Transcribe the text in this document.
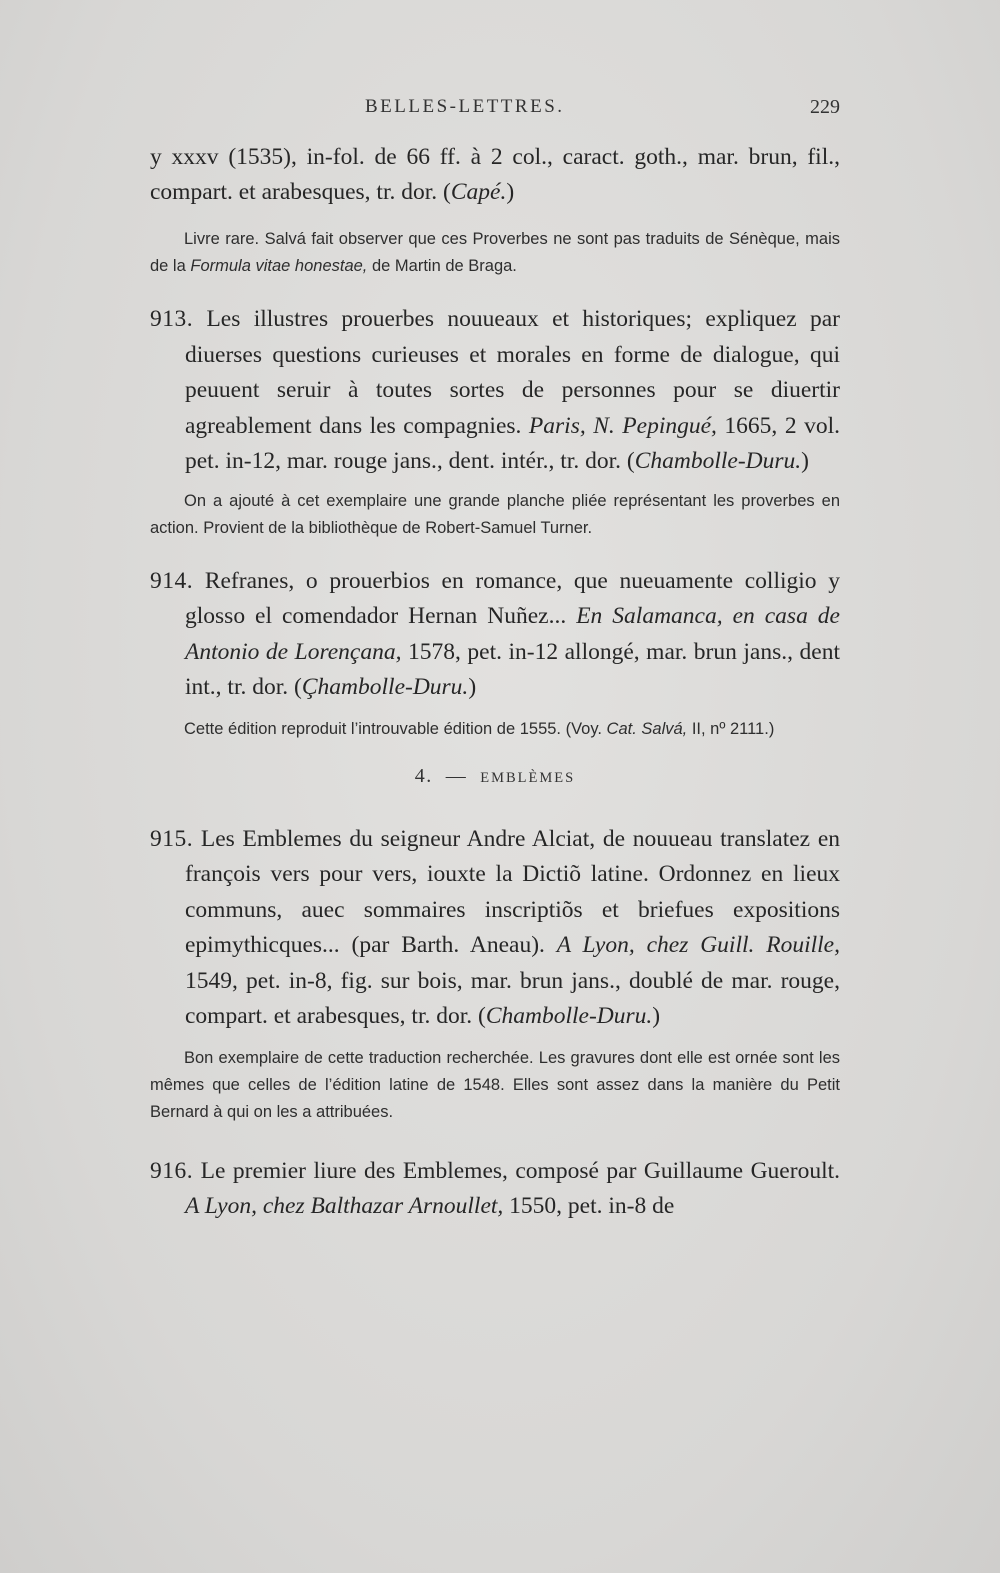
BELLES-LETTRES.	229

y xxxv (1535), in-fol. de 66 ff. à 2 col., caract. goth., mar. brun, fil., compart. et arabesques, tr. dor. (Capé.)

Livre rare. Salvá fait observer que ces Proverbes ne sont pas traduits de Sénèque, mais de la Formula vitae honestae, de Martin de Braga.

913. Les illustres prouerbes nouueaux et historiques; expliquez par diuerses questions curieuses et morales en forme de dialogue, qui peuuent seruir à toutes sortes de personnes pour se diuertir agreablement dans les compagnies. Paris, N. Pepingué, 1665, 2 vol. pet. in-12, mar. rouge jans., dent. intér., tr. dor. (Chambolle-Duru.)

On a ajouté à cet exemplaire une grande planche pliée représentant les proverbes en action. Provient de la bibliothèque de Robert-Samuel Turner.

914. Refranes, o prouerbios en romance, que nueuamente colligio y glosso el comendador Hernan Nuñez... En Salamanca, en casa de Antonio de Lorençana, 1578, pet. in-12 allongé, mar. brun jans., dent int., tr. dor. (Çhambolle-Duru.)

Cette édition reproduit l’introuvable édition de 1555. (Voy. Cat. Salvá, II, nº 2111.)

4. — EMBLÈMES

915. Les Emblemes du seigneur Andre Alciat, de nouueau translatez en françois vers pour vers, iouxte la Dictiõ latine. Ordonnez en lieux communs, auec sommaires inscriptiõs et briefues expositions epimythicques... (par Barth. Aneau). A Lyon, chez Guill. Rouille, 1549, pet. in-8, fig. sur bois, mar. brun jans., doublé de mar. rouge, compart. et arabesques, tr. dor. (Chambolle-Duru.)

Bon exemplaire de cette traduction recherchée. Les gravures dont elle est ornée sont les mêmes que celles de l’édition latine de 1548. Elles sont assez dans la manière du Petit Bernard à qui on les a attribuées.

916. Le premier liure des Emblemes, composé par Guillaume Gueroult. A Lyon, chez Balthazar Arnoullet, 1550, pet. in-8 de
